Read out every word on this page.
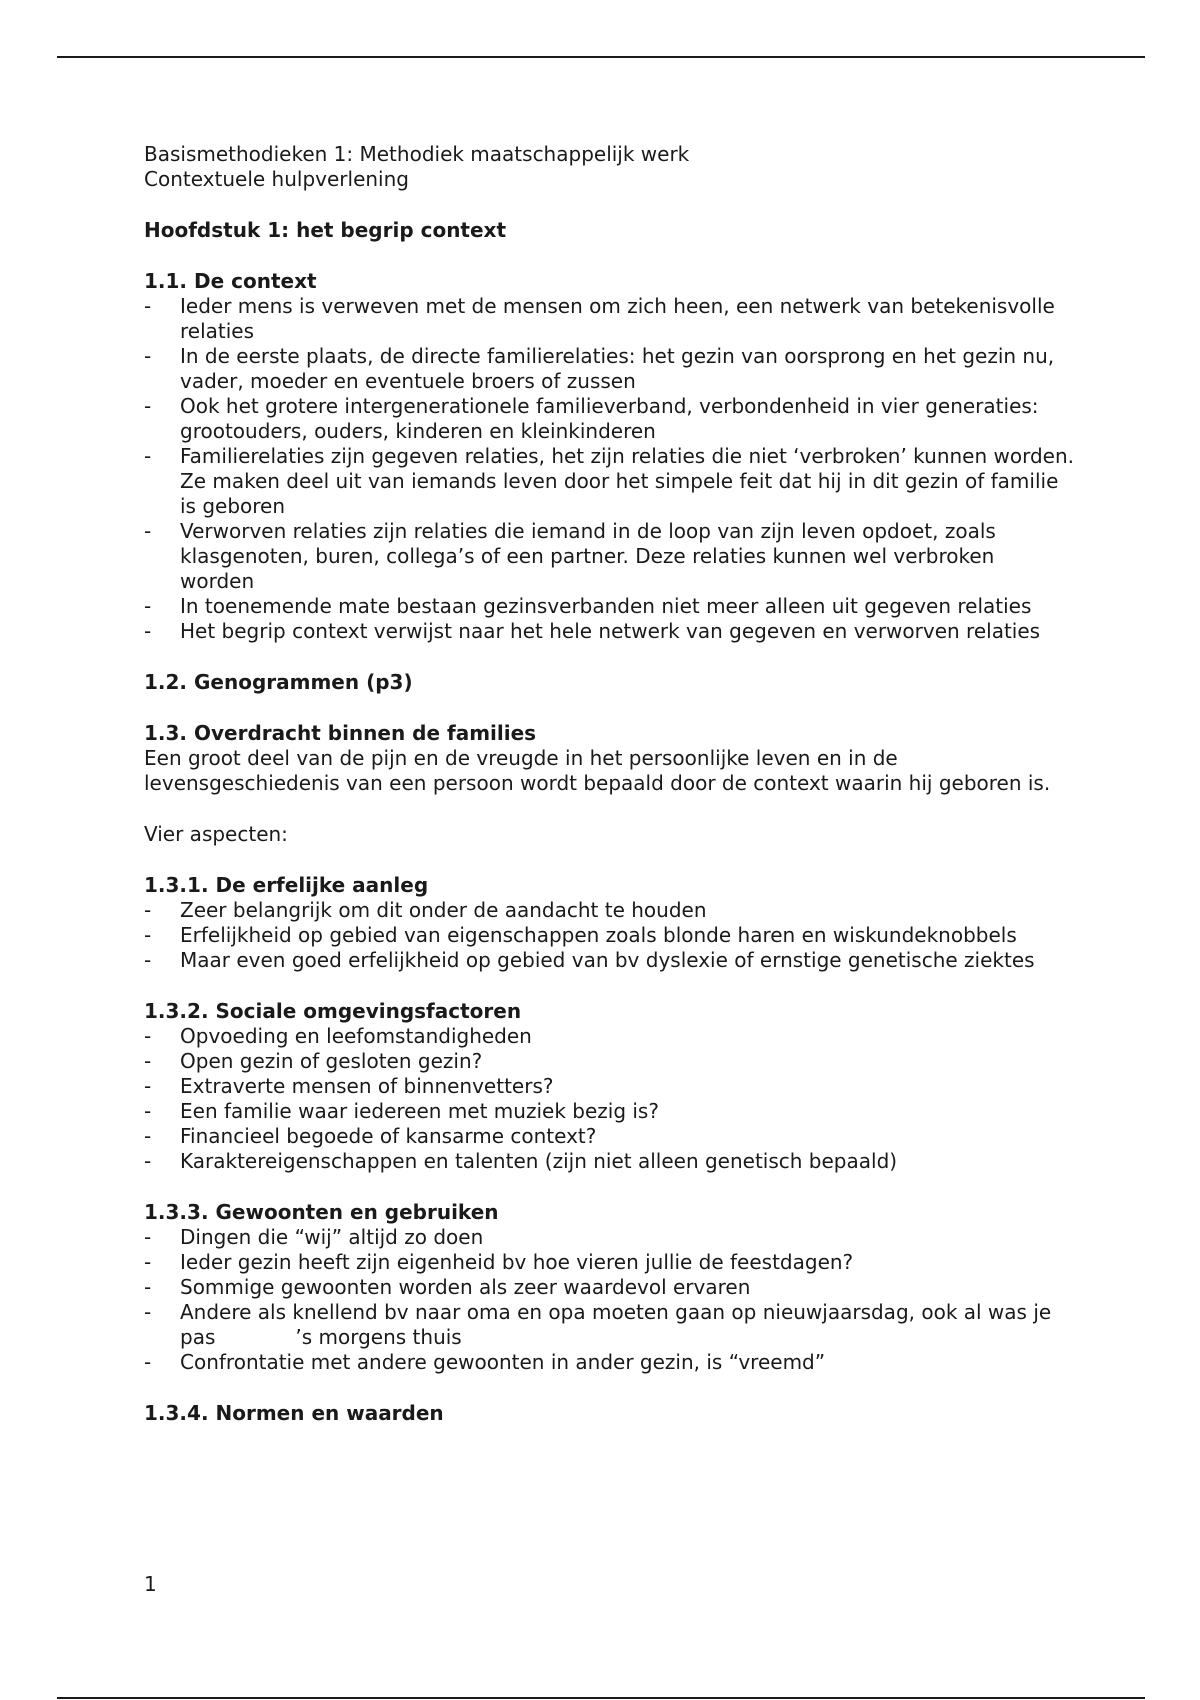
Basismethodieken 1: Methodiek maatschappelijk werk

Contextuele hulpverlening

Hoofdstuk 1: het begrip context

1.1. De context

- Ieder mens is verweven met de mensen om zich heen, een netwerk van betekenisvolle relaties
- In de eerste plaats, de directe familierelaties: het gezin van oorsprong en het gezin nu, vader, moeder en eventuele broers of zussen
- Ook het grotere intergenerationele familieverband, verbondenheid in vier generaties: grootouders, ouders, kinderen en kleinkinderen
- Familierelaties zijn gegeven relaties, het zijn relaties die niet ‘verbroken’ kunnen worden. Ze maken deel uit van iemands leven door het simpele feit dat hij in dit gezin of familie is geboren
- Verworven relaties zijn relaties die iemand in de loop van zijn leven opdoet, zoals klasgenoten, buren, collega’s of een partner. Deze relaties kunnen wel verbroken worden
- In toenemende mate bestaan gezinsverbanden niet meer alleen uit gegeven relaties
- Het begrip context verwijst naar het hele netwerk van gegeven en verworven relaties

1.2. Genogrammen (p3)

1.3. Overdracht binnen de families

Een groot deel van de pijn en de vreugde in het persoonlijke leven en in de levensgeschiedenis van een persoon wordt bepaald door de context waarin hij geboren is.

Vier aspecten:

1.3.1. De erfelijke aanleg

- Zeer belangrijk om dit onder de aandacht te houden
- Erfelijkheid op gebied van eigenschappen zoals blonde haren en wiskundeknobbels
- Maar even goed erfelijkheid op gebied van bv dyslexie of ernstige genetische ziektes

1.3.2. Sociale omgevingsfactoren

- Opvoeding en leefomstandigheden
- Open gezin of gesloten gezin?
- Extraverte mensen of binnenvetters?
- Een familie waar iedereen met muziek bezig is?
- Financieel begoede of kansarme context?
- Karaktereigenschappen en talenten (zijn niet alleen genetisch bepaald)

1.3.3. Gewoonten en gebruiken

- Dingen die “wij” altijd zo doen
- Ieder gezin heeft zijn eigenheid bv hoe vieren jullie de feestdagen?
- Sommige gewoonten worden als zeer waardevol ervaren
- Andere als knellend bv naar oma en opa moeten gaan op nieuwjaarsdag, ook al was je pas	’s morgens thuis
- Confrontatie met andere gewoonten in ander gezin, is “vreemd”

1.3.4. Normen en waarden

1
